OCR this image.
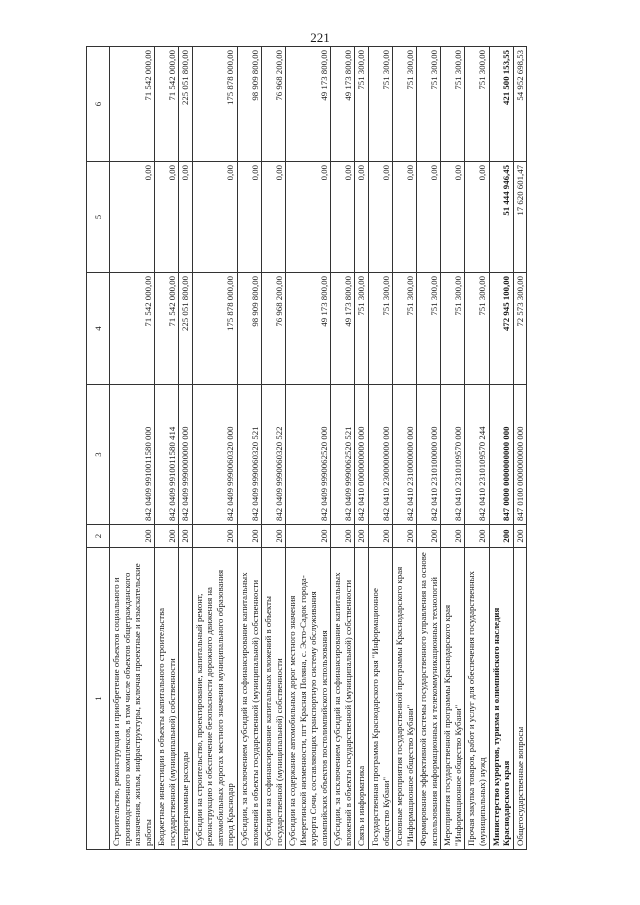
221
1	2	3	4	5	6
Строительство, реконструкция и приобретение объектов социального и производственного комплексов, в том числе объектов общегражданского назначения, жилья, инфраструктуры, включая проектные и изыскательские работы	200	842 0409 9910011580 000	71 542 000,00	0,00	71 542 000,00
Бюджетные инвестиции в объекты капитального строительства государственной (муниципальной) собственности	200	842 0409 9910011580 414	71 542 000,00	0,00	71 542 000,00
Непрограммные расходы	200	842 0409 9990000000 000	225 051 800,00	0,00	225 051 800,00
Субсидии на строительство, проектирование, капитальный ремонт, реконструкцию и обеспечение безопасности дорожного движения на автомобильных дорогах местного значения муниципального образования город Краснодар	200	842 0409 9990060320 000	175 878 000,00	0,00	175 878 000,00
Субсидии, за исключением субсидий на софинансирование капитальных вложений в объекты государственной (муниципальной) собственности	200	842 0409 9990060320 521	98 909 800,00	0,00	98 909 800,00
Субсидии на софинансирование капитальных вложений в объекты государственной (муниципальной) собственности	200	842 0409 9990060320 522	76 968 200,00	0,00	76 968 200,00
Субсидии на содержание автомобильных дорог местного значения Имеретинской низменности, пгт Красная Поляна, с. Эсто-Садок города-курорта Сочи, составляющих транспортную систему обслуживания олимпийских объектов постолимпийского использования	200	842 0409 9990062520 000	49 173 800,00	0,00	49 173 800,00
Субсидии, за исключением субсидий на софинансирование капитальных вложений в объекты государственной (муниципальной) собственности	200	842 0409 9990062520 521	49 173 800,00	0,00	49 173 800,00
Связь и информатика	200	842 0410 0000000000 000	751 300,00	0,00	751 300,00
Государственная программа Краснодарского края "Информационное общество Кубани"	200	842 0410 2300000000 000	751 300,00	0,00	751 300,00
Основные мероприятия государственной программы Краснодарского края "Информационное общество Кубани"	200	842 0410 2310000000 000	751 300,00	0,00	751 300,00
Формирование эффективной системы государственного управления на основе использования информационных и телекоммуникационных технологий	200	842 0410 2310100000 000	751 300,00	0,00	751 300,00
Мероприятия государственной программы Краснодарского края "Информационное общество Кубани"	200	842 0410 2310109570 000	751 300,00	0,00	751 300,00
Прочая закупка товаров, работ и услуг для обеспечения государственных (муниципальных) нужд	200	842 0410 2310109570 244	751 300,00	0,00	751 300,00
Министерство курортов, туризма и олимпийского наследия Краснодарского края	200	847 0000 0000000000 000	472 945 100,00	51 444 946,45	421 500 153,55
Общегосударственные вопросы	200	847 0100 0000000000 000	72 573 300,00	17 620 601,47	54 952 698,53
